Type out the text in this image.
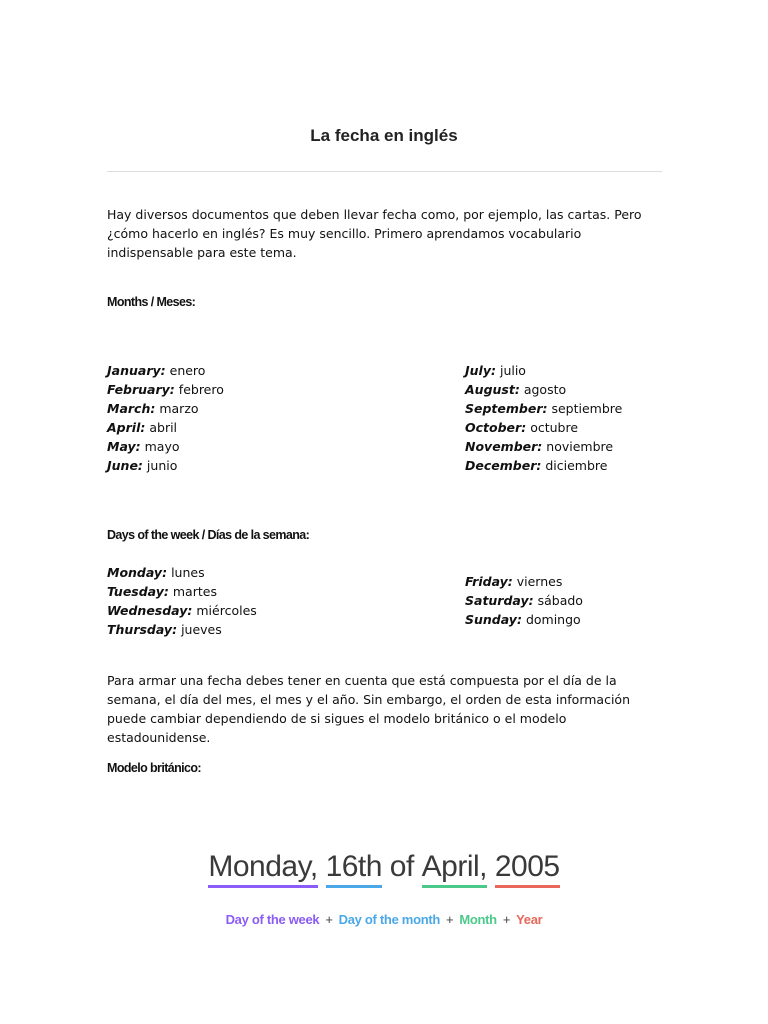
La fecha en inglés
Hay diversos documentos que deben llevar fecha como, por ejemplo, las cartas. Pero ¿cómo hacerlo en inglés? Es muy sencillo. Primero aprendamos vocabulario indispensable para este tema.
Months / Meses:
January: enero
February: febrero
March: marzo
April: abril
May: mayo
June: junio
July: julio
August: agosto
September: septiembre
October: octubre
November: noviembre
December: diciembre
Days of the week / Días de la semana:
Monday: lunes
Tuesday: martes
Wednesday: miércoles
Thursday: jueves
Friday: viernes
Saturday: sábado
Sunday: domingo
Para armar una fecha debes tener en cuenta que está compuesta por el día de la semana, el día del mes, el mes y el año. Sin embargo, el orden de esta información puede cambiar dependiendo de si sigues el modelo británico o el modelo estadounidense.
Modelo británico:
Monday, 16th of April, 2005
Day of the week + Day of the month + Month + Year
